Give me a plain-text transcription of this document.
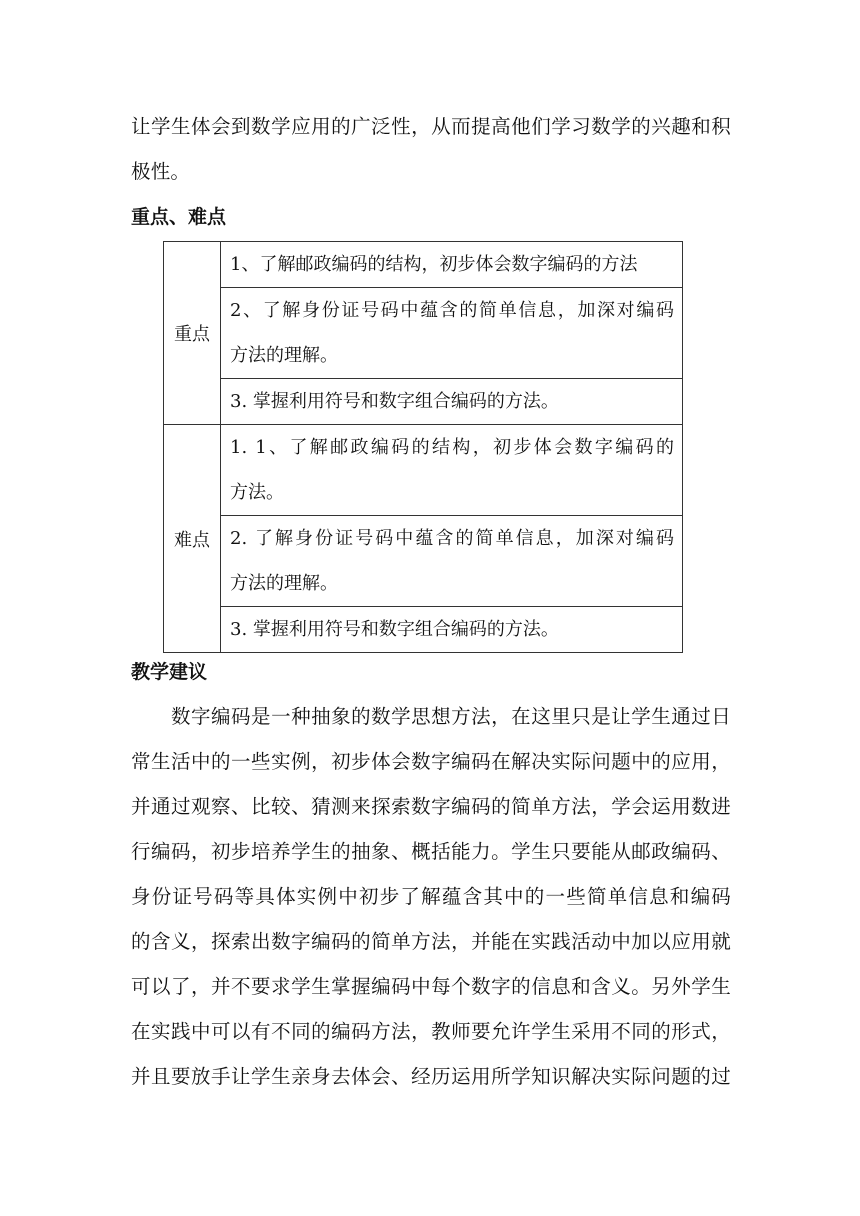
让学生体会到数学应用的广泛性，从而提高他们学习数学的兴趣和积
极性。
重点、难点
重点	1、了解邮政编码的结构，初步体会数字编码的方法

	2、了解身份证号码中蕴含的简单信息，加深对编码
方法的理解。

	3. 掌握利用符号和数字组合编码的方法。

难点	1. 1、了解邮政编码的结构，初步体会数字编码的
方法。

	2. 了解身份证号码中蕴含的简单信息，加深对编码
方法的理解。

	3. 掌握利用符号和数字组合编码的方法。
教学建议
　　数字编码是一种抽象的数学思想方法，在这里只是让学生通过日
常生活中的一些实例，初步体会数字编码在解决实际问题中的应用，
并通过观察、比较、猜测来探索数字编码的简单方法，学会运用数进
行编码，初步培养学生的抽象、概括能力。学生只要能从邮政编码、
身份证号码等具体实例中初步了解蕴含其中的一些简单信息和编码
的含义，探索出数字编码的简单方法，并能在实践活动中加以应用就
可以了，并不要求学生掌握编码中每个数字的信息和含义。另外学生
在实践中可以有不同的编码方法，教师要允许学生采用不同的形式，
并且要放手让学生亲身去体会、经历运用所学知识解决实际问题的过
